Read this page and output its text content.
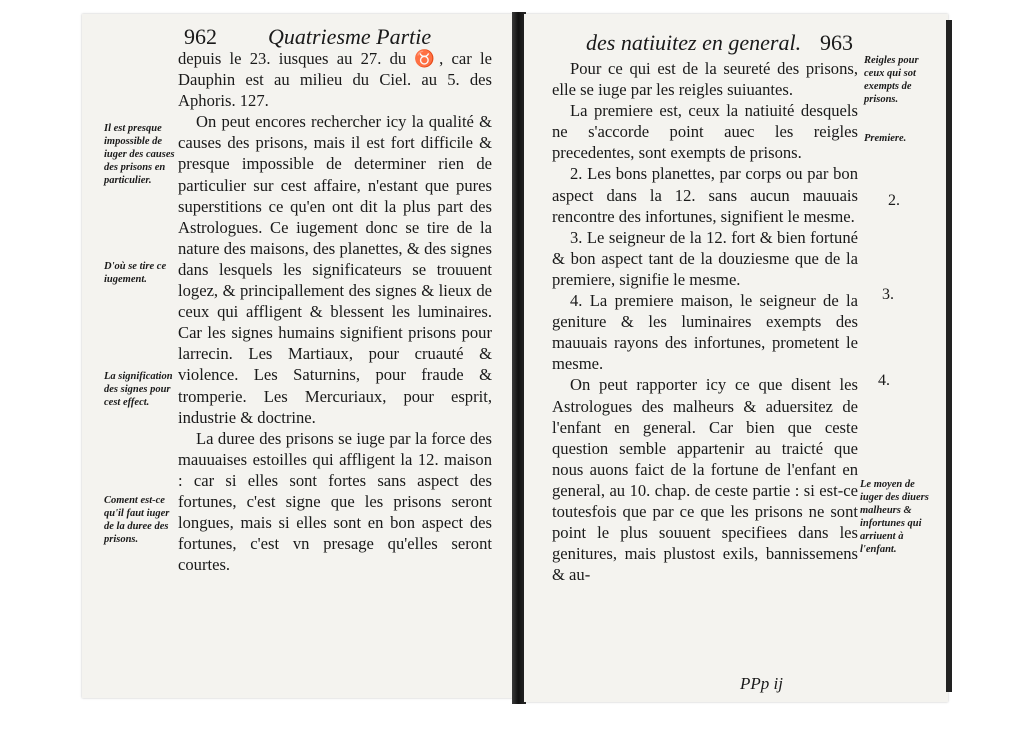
962 Quatriesme Partie
Il est presque impossible de iuger des causes des prisons en particulier.
D'où se tire ce iugement.
La signification des signes pour cest effect.
Coment est-ce qu'il faut iuger de la duree des prisons.

depuis le 23. iusques au 27. du ♉, car le Dauphin est au milieu du Ciel. au 5. des Aphoris. 127.

On peut encores rechercher icy la qualité & causes des prisons, mais il est fort difficile & presque impossible de determiner rien de particulier sur cest affaire, n'estant que pures superstitions ce qu'en ont dit la plus part des Astrologues. Ce iugement donc se tire de la nature des maisons, des planettes, & des signes dans lesquels les significateurs se trouuent logez, & principallement des signes & lieux de ceux qui affligent & blessent les luminaires. Car les signes humains signifient prisons pour larrecin. Les Martiaux, pour cruauté & violence. Les Saturnins, pour fraude & tromperie. Les Mercuriaux, pour esprit, industrie & doctrine.

La duree des prisons se iuge par la force des mauuaises estoilles qui affligent la 12. maison : car si elles sont fortes sans aspect des fortunes, c'est signe que les prisons seront longues, mais si elles sont en bon aspect des fortunes, c'est vn presage qu'elles seront courtes.

des natiuitez en general. 963

Pour ce qui est de la seureté des prisons, elle se iuge par les reigles suiuantes.

La premiere est, ceux la natiuité desquels ne s'accorde point auec les reigles precedentes, sont exempts de prisons.

2. Les bons planettes, par corps ou par bon aspect dans la 12. sans aucun mauuais rencontre des infortunes, signifient le mesme.

3. Le seigneur de la 12. fort & bien fortuné & bon aspect tant de la douziesme que de la premiere, signifie le mesme.

4. La premiere maison, le seigneur de la geniture & les luminaires exempts des mauuais rayons des infortunes, prometent le mesme.

On peut rapporter icy ce que disent les Astrologues des malheurs & aduersitez de l'enfant en general. Car bien que ceste question semble appartenir au traicté que nous auons faict de la fortune de l'enfant en general, au 10. chap. de ceste partie : si est-ce toutesfois que par ce que les prisons ne sont point le plus souuent specifiees dans les genitures, mais plustost exils, bannissemens & au-

Reigles pour ceux qui sot exempts de prisons.
Premiere.
2.
3.
4.
Le moyen de iuger des diuers malheurs & infortunes qui arriuent à l'enfant.
PPp ij
